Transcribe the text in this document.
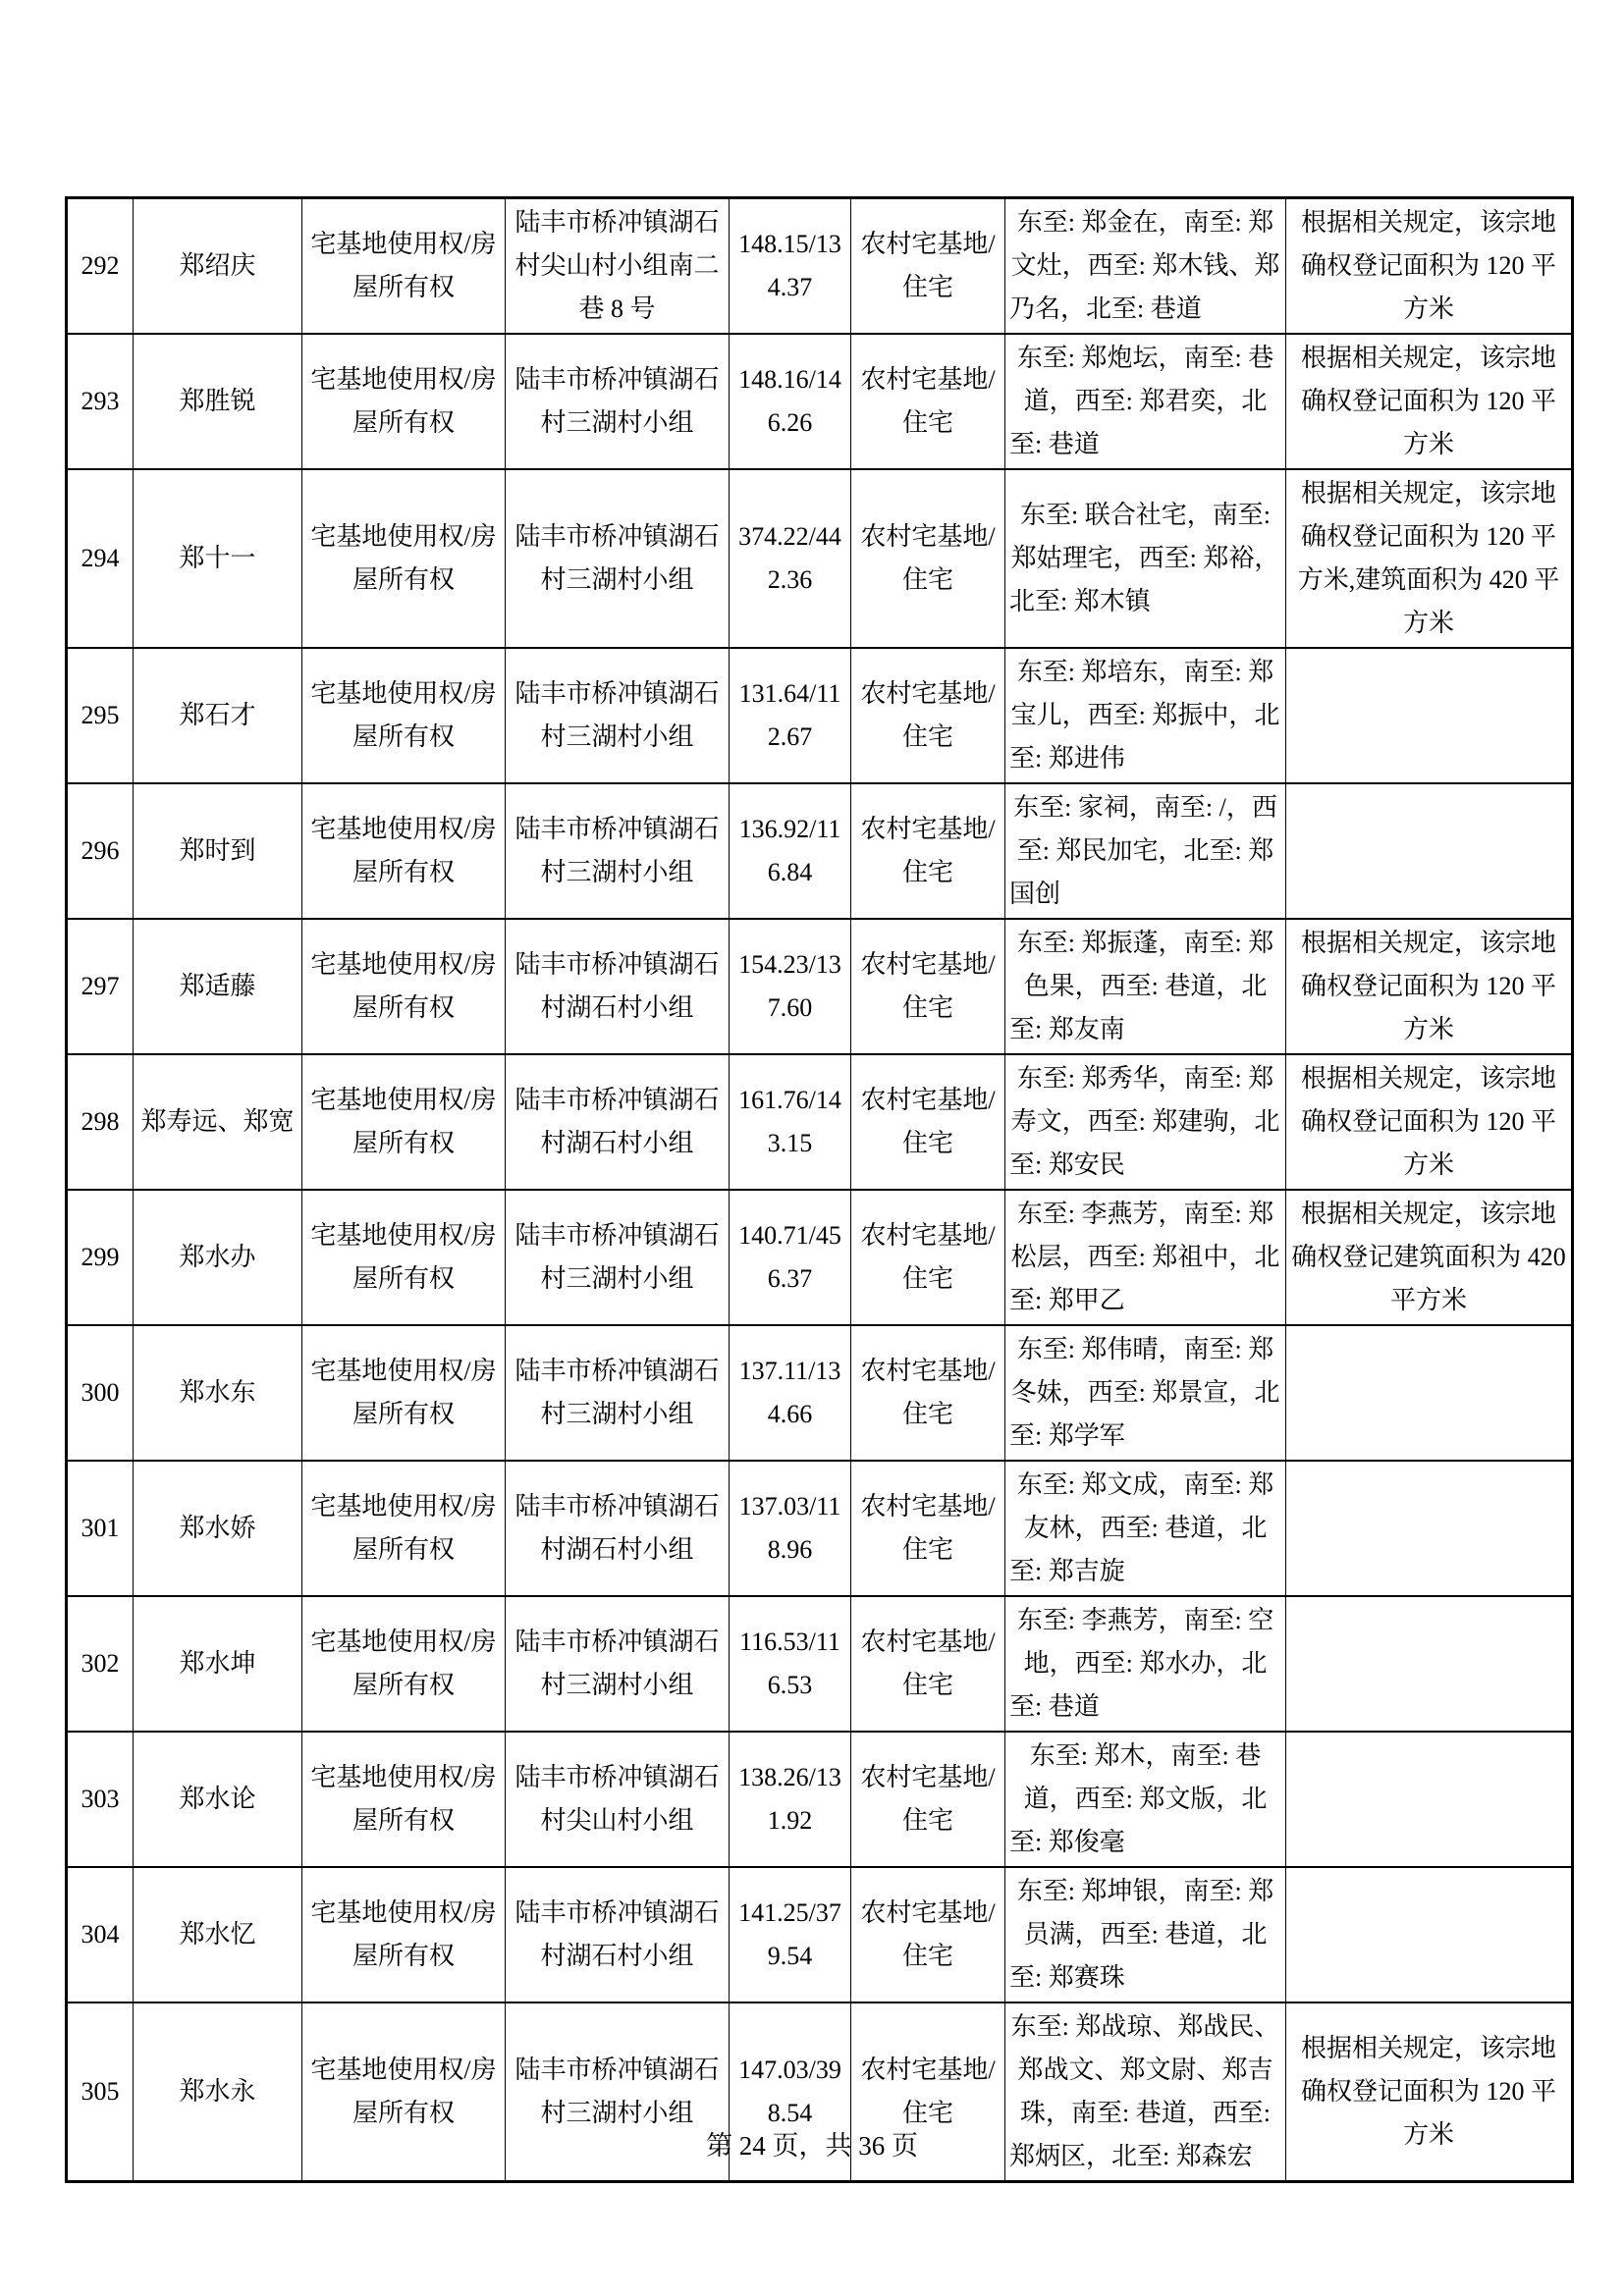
292	郑绍庆	宅基地使用权/房屋所有权	陆丰市桥冲镇湖石村尖山村小组南二巷 8 号	148.15/134.37	农村宅基地/住宅	东至: 郑金在，南至: 郑文灶，西至: 郑木钱、郑乃名，北至: 巷道	根据相关规定，该宗地确权登记面积为 120 平方米
293	郑胜锐	宅基地使用权/房屋所有权	陆丰市桥冲镇湖石村三湖村小组	148.16/146.26	农村宅基地/住宅	东至: 郑炮坛，南至: 巷道，西至: 郑君奕，北至: 巷道	根据相关规定，该宗地确权登记面积为 120 平方米
294	郑十一	宅基地使用权/房屋所有权	陆丰市桥冲镇湖石村三湖村小组	374.22/442.36	农村宅基地/住宅	东至: 联合社宅，南至: 郑姑理宅，西至: 郑裕，北至: 郑木镇	根据相关规定，该宗地确权登记面积为 120 平方米,建筑面积为 420 平方米
295	郑石才	宅基地使用权/房屋所有权	陆丰市桥冲镇湖石村三湖村小组	131.64/112.67	农村宅基地/住宅	东至: 郑培东，南至: 郑宝儿，西至: 郑振中，北至: 郑进伟	
296	郑时到	宅基地使用权/房屋所有权	陆丰市桥冲镇湖石村三湖村小组	136.92/116.84	农村宅基地/住宅	东至: 家祠，南至: /，西至: 郑民加宅，北至: 郑国创	
297	郑适藤	宅基地使用权/房屋所有权	陆丰市桥冲镇湖石村湖石村小组	154.23/137.60	农村宅基地/住宅	东至: 郑振蓬，南至: 郑色果，西至: 巷道，北至: 郑友南	根据相关规定，该宗地确权登记面积为 120 平方米
298	郑寿远、郑宽	宅基地使用权/房屋所有权	陆丰市桥冲镇湖石村湖石村小组	161.76/143.15	农村宅基地/住宅	东至: 郑秀华，南至: 郑寿文，西至: 郑建驹，北至: 郑安民	根据相关规定，该宗地确权登记面积为 120 平方米
299	郑水办	宅基地使用权/房屋所有权	陆丰市桥冲镇湖石村三湖村小组	140.71/456.37	农村宅基地/住宅	东至: 李燕芳，南至: 郑松层，西至: 郑祖中，北至: 郑甲乙	根据相关规定，该宗地确权登记建筑面积为 420 平方米
300	郑水东	宅基地使用权/房屋所有权	陆丰市桥冲镇湖石村三湖村小组	137.11/134.66	农村宅基地/住宅	东至: 郑伟晴，南至: 郑冬妹，西至: 郑景宣，北至: 郑学军	
301	郑水娇	宅基地使用权/房屋所有权	陆丰市桥冲镇湖石村湖石村小组	137.03/118.96	农村宅基地/住宅	东至: 郑文成，南至: 郑友林，西至: 巷道，北至: 郑吉旋	
302	郑水坤	宅基地使用权/房屋所有权	陆丰市桥冲镇湖石村三湖村小组	116.53/116.53	农村宅基地/住宅	东至: 李燕芳，南至: 空地，西至: 郑水办，北至: 巷道	
303	郑水论	宅基地使用权/房屋所有权	陆丰市桥冲镇湖石村尖山村小组	138.26/131.92	农村宅基地/住宅	东至: 郑木，南至: 巷道，西至: 郑文版，北至: 郑俊毫	
304	郑水忆	宅基地使用权/房屋所有权	陆丰市桥冲镇湖石村湖石村小组	141.25/379.54	农村宅基地/住宅	东至: 郑坤银，南至: 郑员满，西至: 巷道，北至: 郑赛珠	
305	郑水永	宅基地使用权/房屋所有权	陆丰市桥冲镇湖石村三湖村小组	147.03/398.54	农村宅基地/住宅	东至: 郑战琼、郑战民、郑战文、郑文尉、郑吉珠，南至: 巷道，西至: 郑炳区，北至: 郑森宏	根据相关规定，该宗地确权登记面积为 120 平方米
第 24 页，共 36 页
